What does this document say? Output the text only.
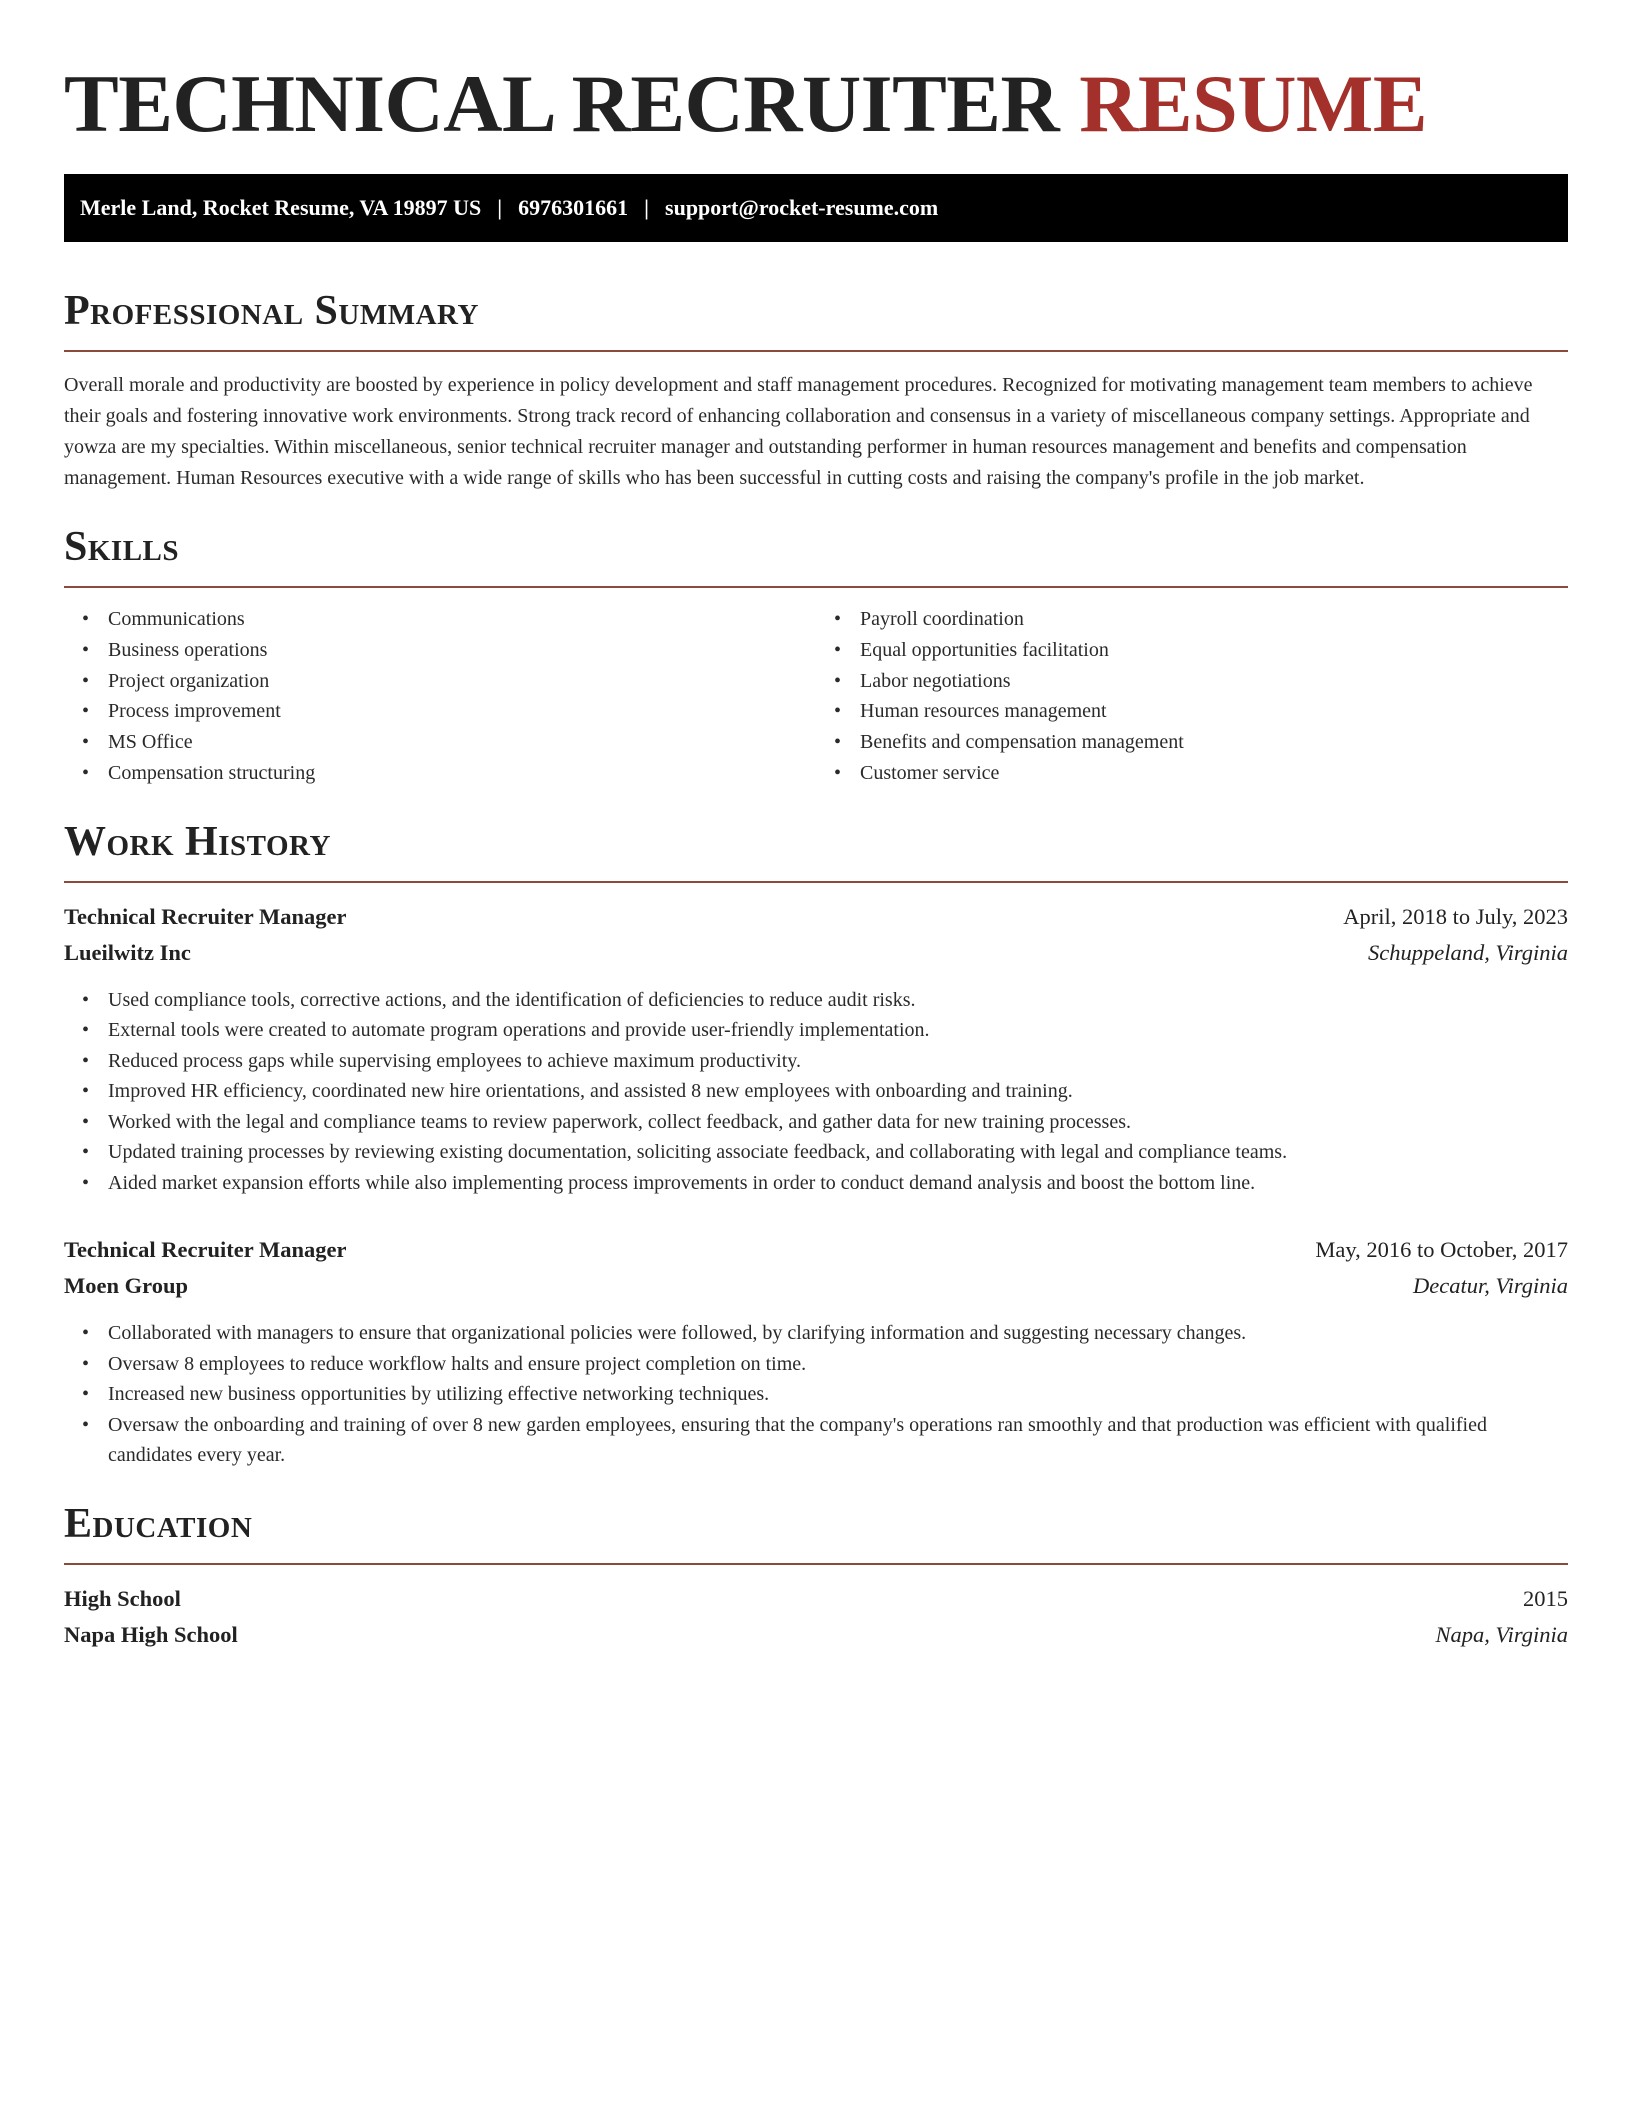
TECHNICAL RECRUITER RESUME
Merle Land, Rocket Resume, VA 19897 US | 6976301661 | support@rocket-resume.com
Professional Summary

Overall morale and productivity are boosted by experience in policy development and staff management procedures. Recognized for motivating management team members to achieve their goals and fostering innovative work environments. Strong track record of enhancing collaboration and consensus in a variety of miscellaneous company settings. Appropriate and yowza are my specialties. Within miscellaneous, senior technical recruiter manager and outstanding performer in human resources management and benefits and compensation management. Human Resources executive with a wide range of skills who has been successful in cutting costs and raising the company's profile in the job market.

Skills
• Communications
• Business operations
• Project organization
• Process improvement
• MS Office
• Compensation structuring
• Payroll coordination
• Equal opportunities facilitation
• Labor negotiations
• Human resources management
• Benefits and compensation management
• Customer service
Work History
Technical Recruiter Manager	April, 2018 to July, 2023
Lueilwitz Inc	Schuppeland, Virginia
• Used compliance tools, corrective actions, and the identification of deficiencies to reduce audit risks.
• External tools were created to automate program operations and provide user-friendly implementation.
• Reduced process gaps while supervising employees to achieve maximum productivity.
• Improved HR efficiency, coordinated new hire orientations, and assisted 8 new employees with onboarding and training.
• Worked with the legal and compliance teams to review paperwork, collect feedback, and gather data for new training processes.
• Updated training processes by reviewing existing documentation, soliciting associate feedback, and collaborating with legal and compliance teams.
• Aided market expansion efforts while also implementing process improvements in order to conduct demand analysis and boost the bottom line.
Technical Recruiter Manager	May, 2016 to October, 2017
Moen Group	Decatur, Virginia
• Collaborated with managers to ensure that organizational policies were followed, by clarifying information and suggesting necessary changes.
• Oversaw 8 employees to reduce workflow halts and ensure project completion on time.
• Increased new business opportunities by utilizing effective networking techniques.
• Oversaw the onboarding and training of over 8 new garden employees, ensuring that the company's operations ran smoothly and that production was efficient with qualified candidates every year.
Education
High School	2015
Napa High School	Napa, Virginia
